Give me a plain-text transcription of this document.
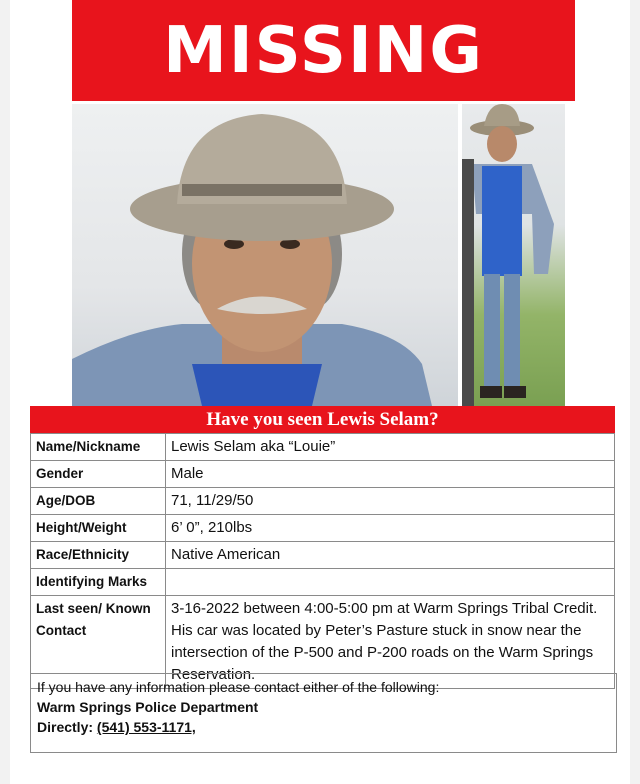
MISSING
Have you seen Lewis Selam?
Name/Nickname	Lewis Selam aka “Louie”
Gender	Male
Age/DOB	71, 11/29/50
Height/Weight	6’ 0”, 210lbs
Race/Ethnicity	Native American
Identifying Marks	
Last seen/ Known Contact	3-16-2022 between 4:00-5:00 pm at Warm Springs Tribal Credit. His car was located by Peter’s Pasture stuck in snow near the intersection of the P-500 and P-200 roads on the Warm Springs Reservation.
If you have any information please contact either of the following:
Warm Springs Police Department
Directly: (541) 553-1171,
